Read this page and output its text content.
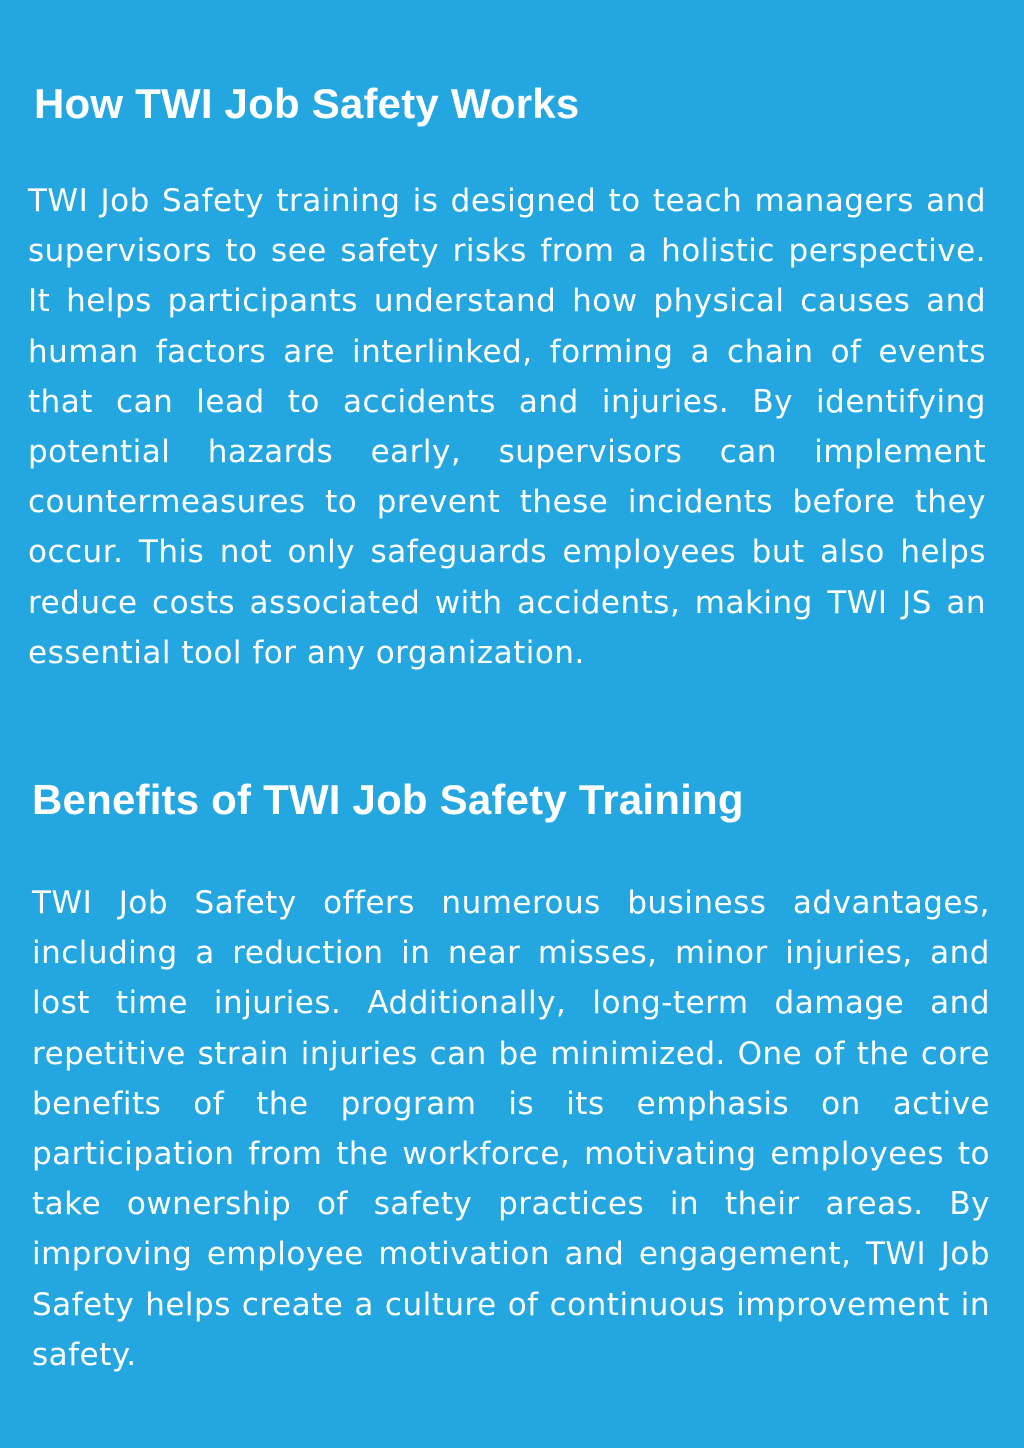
How TWI Job Safety Works

TWI Job Safety training is designed to teach managers and supervisors to see safety risks from a holistic perspective. It helps participants understand how physical causes and human factors are interlinked, forming a chain of events that can lead to accidents and injuries. By identifying potential hazards early, supervisors can implement countermeasures to prevent these incidents before they occur. This not only safeguards employees but also helps reduce costs associated with accidents, making TWI JS an essential tool for any organization.

Benefits of TWI Job Safety Training

TWI Job Safety offers numerous business advantages, including a reduction in near misses, minor injuries, and lost time injuries. Additionally, long-term damage and repetitive strain injuries can be minimized. One of the core benefits of the program is its emphasis on active participation from the workforce, motivating employees to take ownership of safety practices in their areas. By improving employee motivation and engagement, TWI Job Safety helps create a culture of continuous improvement in safety.
